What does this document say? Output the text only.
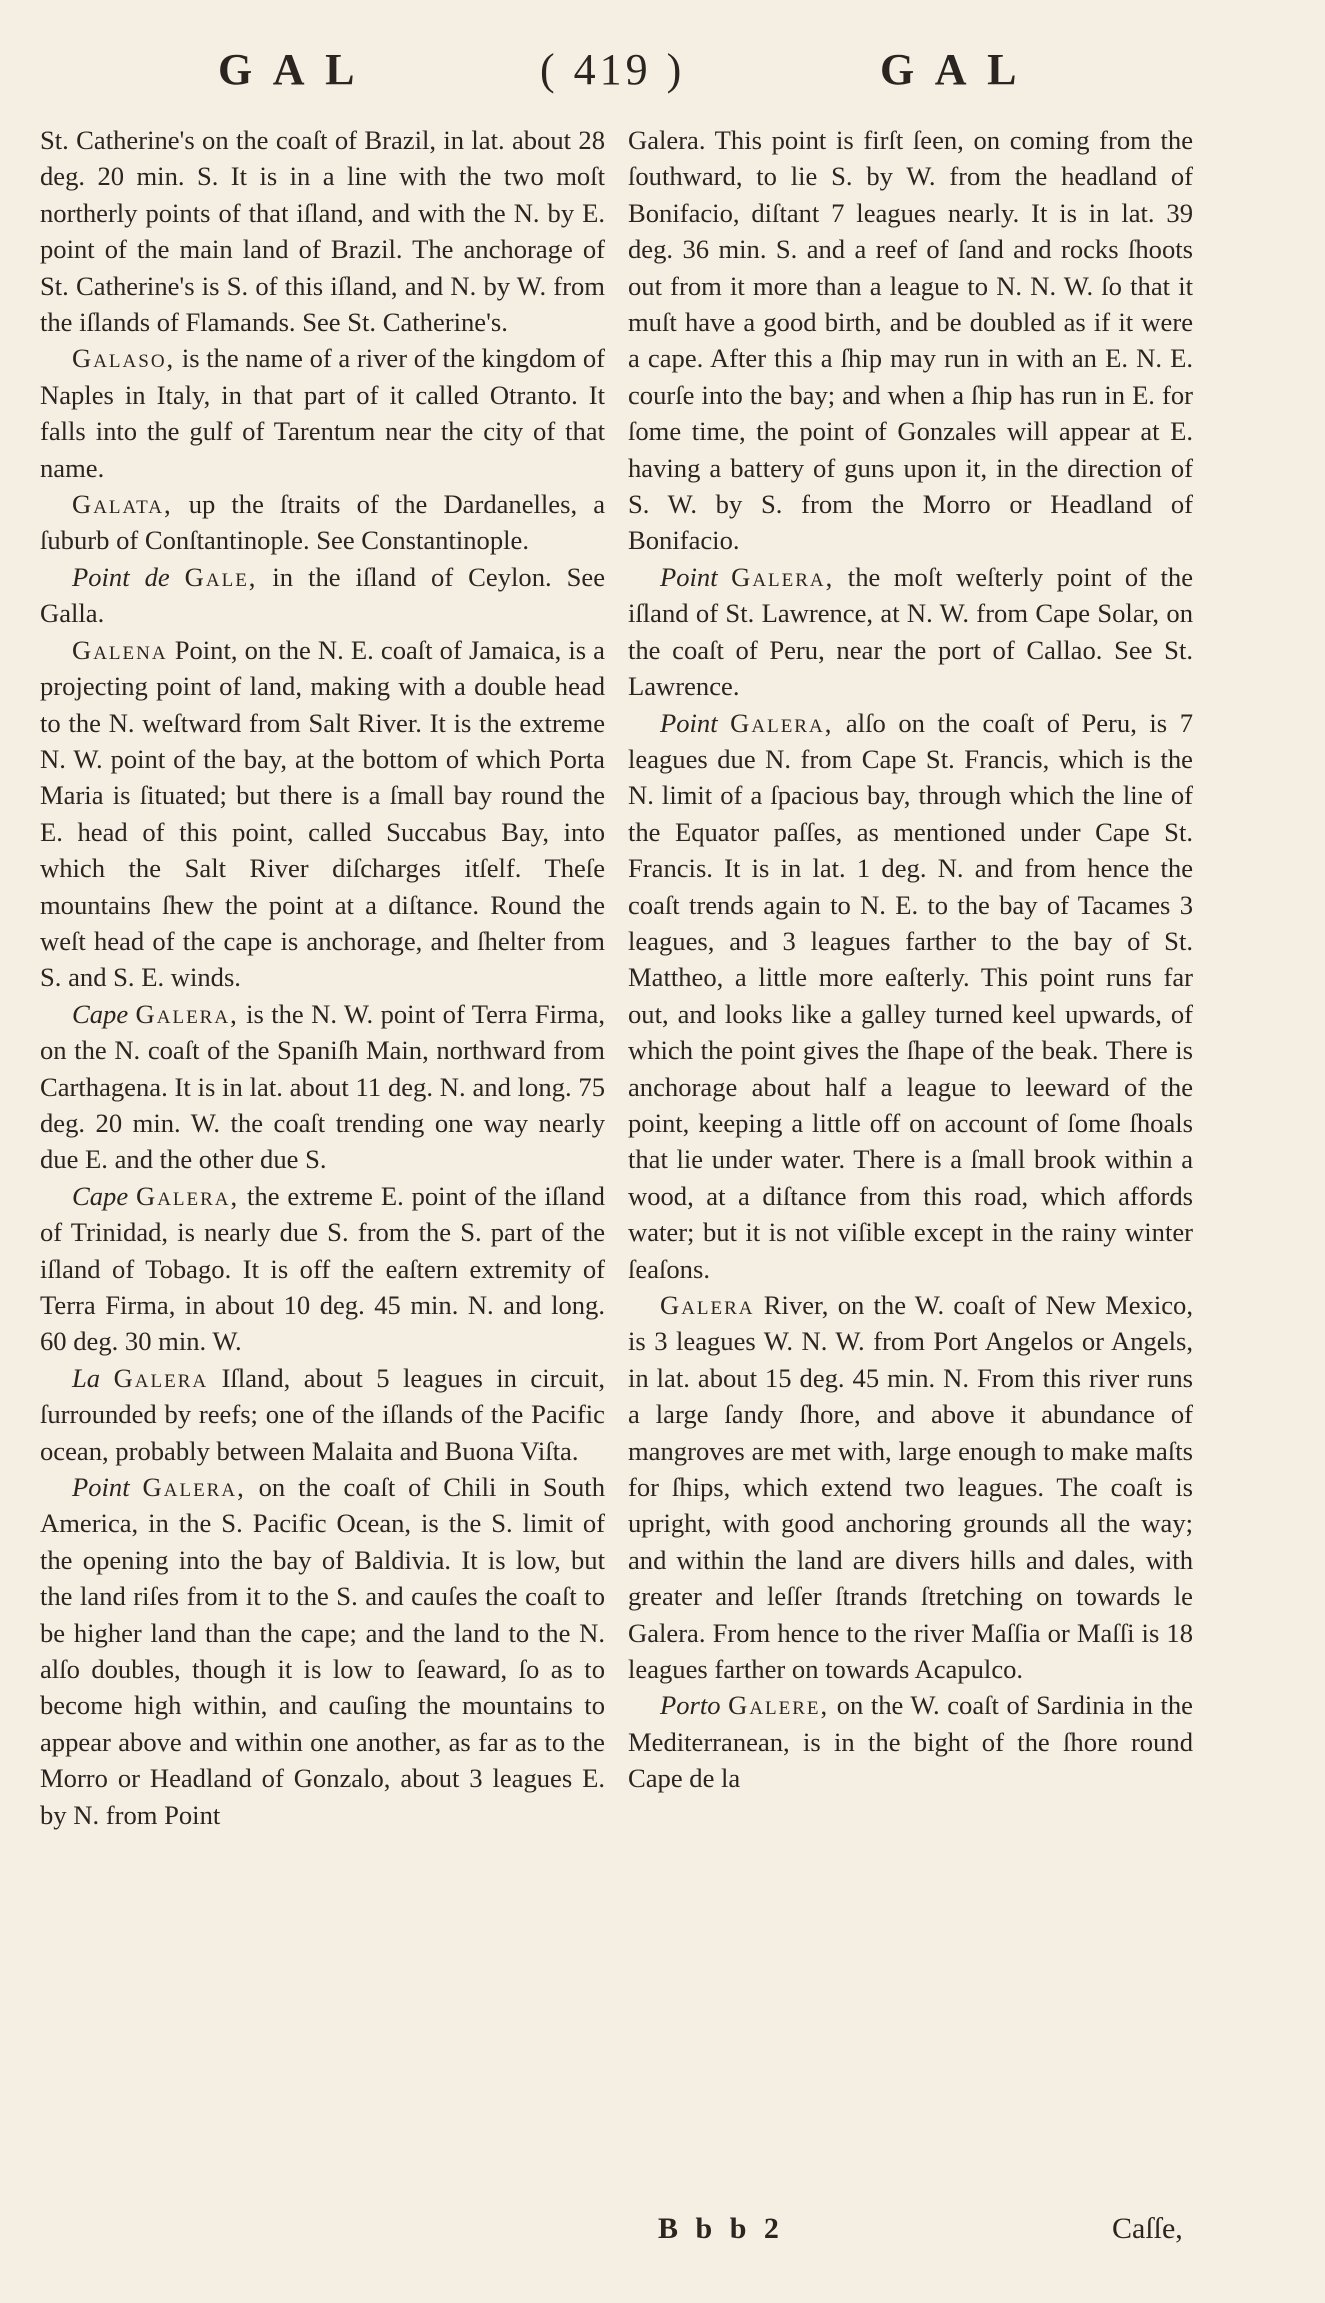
G A L	( 419 )	G A L

St. Catherine's on the coaſt of Brazil, in lat. about 28 deg. 20 min. S. It is in a line with the two moſt northerly points of that iſland, and with the N. by E. point of the main land of Brazil. The anchorage of St. Catherine's is S. of this iſland, and N. by W. from the iſlands of Flamands. See St. Catherine's.

Galaso, is the name of a river of the kingdom of Naples in Italy, in that part of it called Otranto. It falls into the gulf of Tarentum near the city of that name.

Galata, up the ſtraits of the Dardanelles, a ſuburb of Conſtantinople. See Constantinople.

Point de Gale, in the iſland of Ceylon. See Galla.

Galena Point, on the N. E. coaſt of Jamaica, is a projecting point of land, making with a double head to the N. weſtward from Salt River. It is the extreme N. W. point of the bay, at the bottom of which Porta Maria is ſituated; but there is a ſmall bay round the E. head of this point, called Succabus Bay, into which the Salt River diſcharges itſelf. Theſe mountains ſhew the point at a diſtance. Round the weſt head of the cape is anchorage, and ſhelter from S. and S. E. winds.

Cape Galera, is the N. W. point of Terra Firma, on the N. coaſt of the Spaniſh Main, northward from Carthagena. It is in lat. about 11 deg. N. and long. 75 deg. 20 min. W. the coaſt trending one way nearly due E. and the other due S.

Cape Galera, the extreme E. point of the iſland of Trinidad, is nearly due S. from the S. part of the iſland of Tobago. It is off the eaſtern extremity of Terra Firma, in about 10 deg. 45 min. N. and long. 60 deg. 30 min. W.

La Galera Iſland, about 5 leagues in circuit, ſurrounded by reefs; one of the iſlands of the Pacific ocean, probably between Malaita and Buona Viſta.

Point Galera, on the coaſt of Chili in South America, in the S. Pacific Ocean, is the S. limit of the opening into the bay of Baldivia. It is low, but the land riſes from it to the S. and cauſes the coaſt to be higher land than the cape; and the land to the N. alſo doubles, though it is low to ſeaward, ſo as to become high within, and cauſing the mountains to appear above and within one another, as far as to the Morro or Headland of Gonzalo, about 3 leagues E. by N. from Point

Galera. This point is firſt ſeen, on coming from the ſouthward, to lie S. by W. from the headland of Bonifacio, diſtant 7 leagues nearly. It is in lat. 39 deg. 36 min. S. and a reef of ſand and rocks ſhoots out from it more than a league to N. N. W. ſo that it muſt have a good birth, and be doubled as if it were a cape. After this a ſhip may run in with an E. N. E. courſe into the bay; and when a ſhip has run in E. for ſome time, the point of Gonzales will appear at E. having a battery of guns upon it, in the direction of S. W. by S. from the Morro or Headland of Bonifacio.

Point Galera, the moſt weſterly point of the iſland of St. Lawrence, at N. W. from Cape Solar, on the coaſt of Peru, near the port of Callao. See St. Lawrence.

Point Galera, alſo on the coaſt of Peru, is 7 leagues due N. from Cape St. Francis, which is the N. limit of a ſpacious bay, through which the line of the Equator paſſes, as mentioned under Cape St. Francis. It is in lat. 1 deg. N. and from hence the coaſt trends again to N. E. to the bay of Tacames 3 leagues, and 3 leagues farther to the bay of St. Mattheo, a little more eaſterly. This point runs far out, and looks like a galley turned keel upwards, of which the point gives the ſhape of the beak. There is anchorage about half a league to leeward of the point, keeping a little off on account of ſome ſhoals that lie under water. There is a ſmall brook within a wood, at a diſtance from this road, which affords water; but it is not viſible except in the rainy winter ſeaſons.

Galera River, on the W. coaſt of New Mexico, is 3 leagues W. N. W. from Port Angelos or Angels, in lat. about 15 deg. 45 min. N. From this river runs a large ſandy ſhore, and above it abundance of mangroves are met with, large enough to make maſts for ſhips, which extend two leagues. The coaſt is upright, with good anchoring grounds all the way; and within the land are divers hills and dales, with greater and leſſer ſtrands ſtretching on towards le Galera. From hence to the river Maſſia or Maſſi is 18 leagues farther on towards Acapulco.

Porto Galere, on the W. coaſt of Sardinia in the Mediterranean, is in the bight of the ſhore round Cape de la

B b b 2	Caſſe,
